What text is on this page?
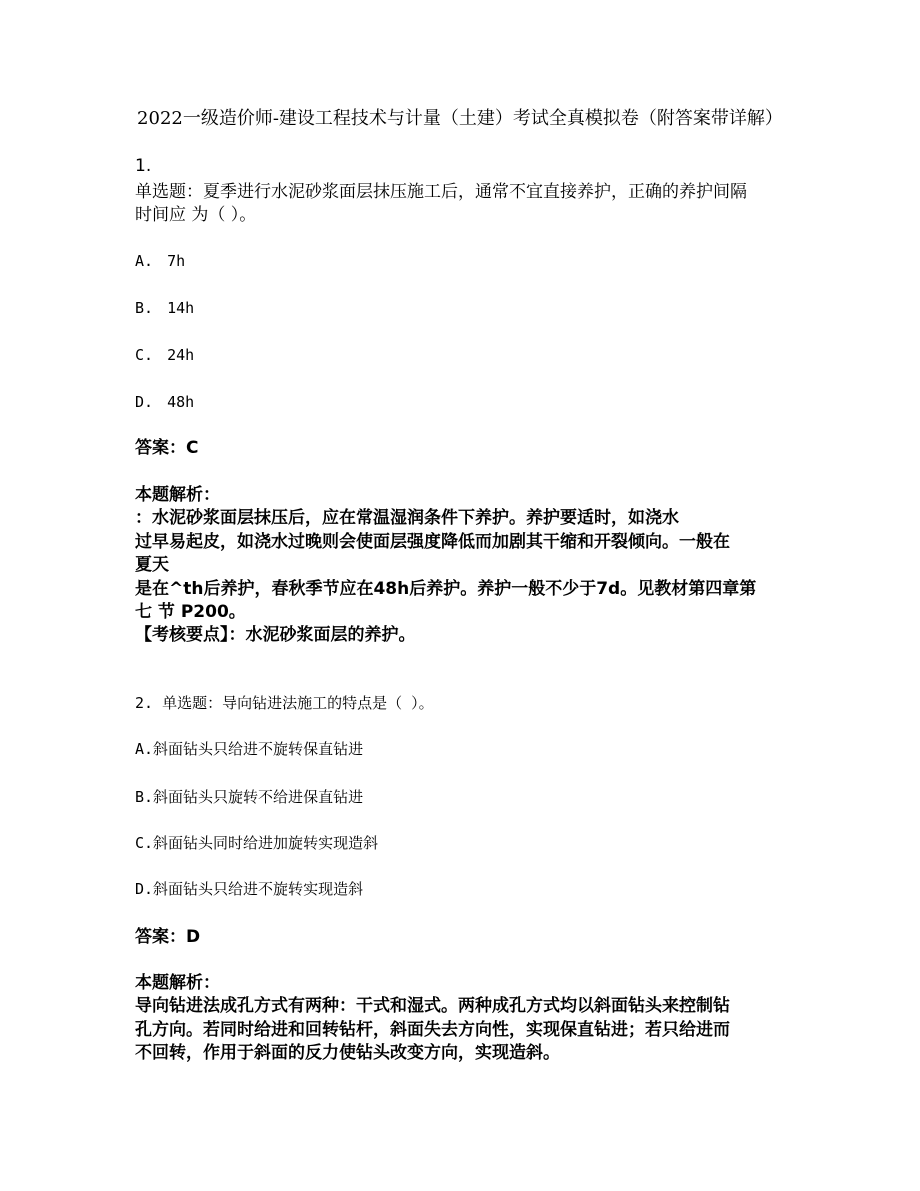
2022一级造价师-建设工程技术与计量（土建）考试全真模拟卷（附答案带详解）
1.
单选题：夏季进行水泥砂浆面层抹压施工后，通常不宜直接养护，正确的养护间隔
时间应 为（ ）。
A. 7h
B. 14h
C. 24h
D. 48h
答案：C
本题解析：
：水泥砂浆面层抹压后，应在常温湿润条件下养护。养护要适时，如浇水
过早易起皮，如浇水过晚则会使面层强度降低而加剧其干缩和开裂倾向。一般在
夏天
是在^th后养护，春秋季节应在48h后养护。养护一般不少于7d。见教材第四章第
七 节 P200。
【考核要点】：水泥砂浆面层的养护。
2. 单选题：导向钻进法施工的特点是（ ）。
A.斜面钻头只给进不旋转保直钻进
B.斜面钻头只旋转不给进保直钻进
C.斜面钻头同时给进加旋转实现造斜
D.斜面钻头只给进不旋转实现造斜
答案：D
本题解析：
导向钻进法成孔方式有两种：干式和湿式。两种成孔方式均以斜面钻头来控制钻
孔方向。若同时给进和回转钻杆，斜面失去方向性，实现保直钻进；若只给进而
不回转，作用于斜面的反力使钻头改变方向，实现造斜。
